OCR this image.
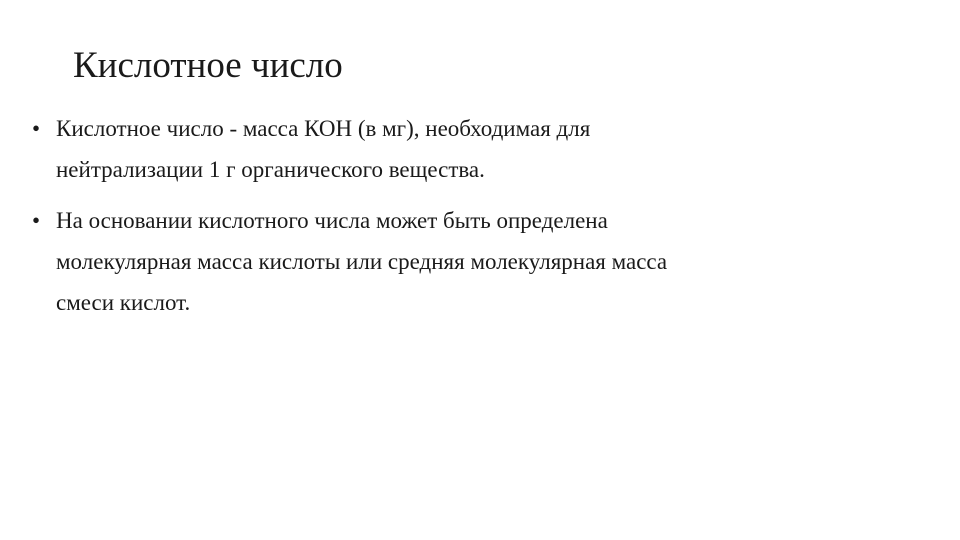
Кислотное число
• Кислотное число - масса КОН (в мг), необходимая для
нейтрализации 1 г органического вещества.
• На основании кислотного числа может быть определена
молекулярная масса кислоты или средняя молекулярная масса
смеси кислот.
